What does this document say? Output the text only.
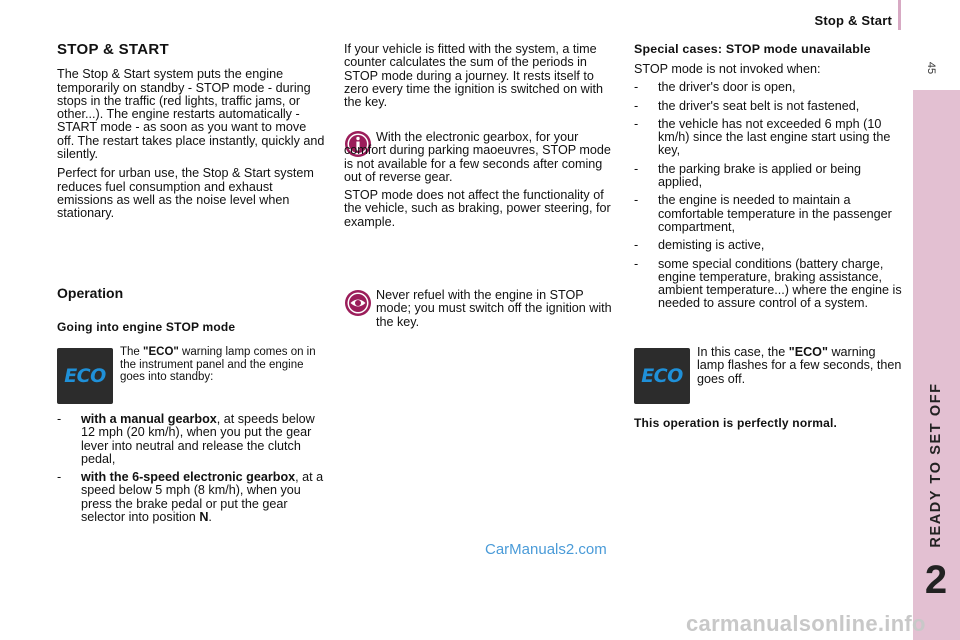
Stop & Start
45
READY TO SET OFF
2
STOP & START

The Stop & Start system puts the engine temporarily on standby - STOP mode - during stops in the traffic (red lights, traffic jams, or other...). The engine restarts automatically - START mode - as soon as you want to move off. The restart takes place instantly, quickly and silently.

Perfect for urban use, the Stop & Start system reduces fuel consumption and exhaust emissions as well as the noise level when stationary.

Operation
Going into engine STOP mode
ECO
The "ECO" warning lamp comes on in the instrument panel and the engine goes into standby:
- with a manual gearbox, at speeds below 12 mph (20 km/h), when you put the gear lever into neutral and release the clutch pedal,
- with the 6-speed electronic gearbox, at a speed below 5 mph (8 km/h), when you press the brake pedal or put the gear selector into position N.
If your vehicle is fitted with the system, a time counter calculates the sum of the periods in STOP mode during a journey. It rests itself to zero every time the ignition is switched on with the key.

With the electronic gearbox, for your comfort during parking maoeuvres, STOP mode is not available for a few seconds after coming out of reverse gear.

STOP mode does not affect the functionality of the vehicle, such as braking, power steering, for example.

Never refuel with the engine in STOP mode; you must switch off the ignition with the key.
Special cases: STOP mode unavailable

STOP mode is not invoked when:

- the driver's door is open,
- the driver's seat belt is not fastened,
- the vehicle has not exceeded 6 mph (10 km/h) since the last engine start using the key,
- the parking brake is applied or being applied,
- the engine is needed to maintain a comfortable temperature in the passenger compartment,
- demisting is active,
- some special conditions (battery charge, engine temperature, braking assistance, ambient temperature...) where the engine is needed to assure control of a system.
ECO
In this case, the "ECO" warning lamp flashes for a few seconds, then goes off.
This operation is perfectly normal.
CarManuals2.com
carmanualsonline.info
